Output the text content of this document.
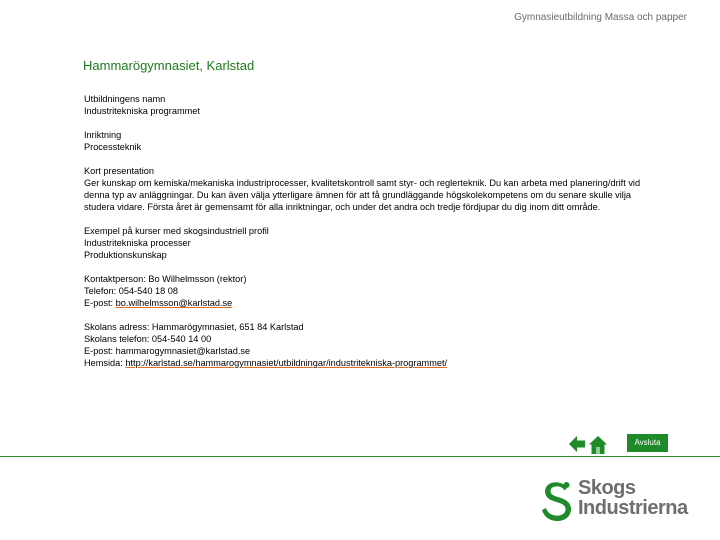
Gymnasieutbildning Massa och papper
Hammarögymnasiet, Karlstad
Utbildningens namn
Industritekniska programmet
Inriktning
Processteknik
Kort presentation
Ger kunskap om kemiska/mekaniska industriprocesser, kvalitetskontroll samt styr- och reglerteknik. Du kan arbeta med planering/drift vid denna typ av anläggningar. Du kan även välja ytterligare ämnen för att få grundläggande högskolekompetens om du senare skulle vilja studera vidare. Första året är gemensamt för alla inriktningar, och under det andra och tredje fördjupar du dig inom ditt område.
Exempel på kurser med skogsindustriell profil
Industritekniska processer
Produktionskunskap
Kontaktperson: Bo Wilhelmsson (rektor)
Telefon: 054-540 18 08
E-post: bo.wilhelmsson@karlstad.se
Skolans adress: Hammarögymnasiet, 651 84 Karlstad
Skolans telefon: 054-540 14 00
E-post: hammarogymnasiet@karlstad.se
Hemsida: http://karlstad.se/hammarogymnasiet/utbildningar/industritekniska-programmet/
Avsluta
Skogs
Industrierna
